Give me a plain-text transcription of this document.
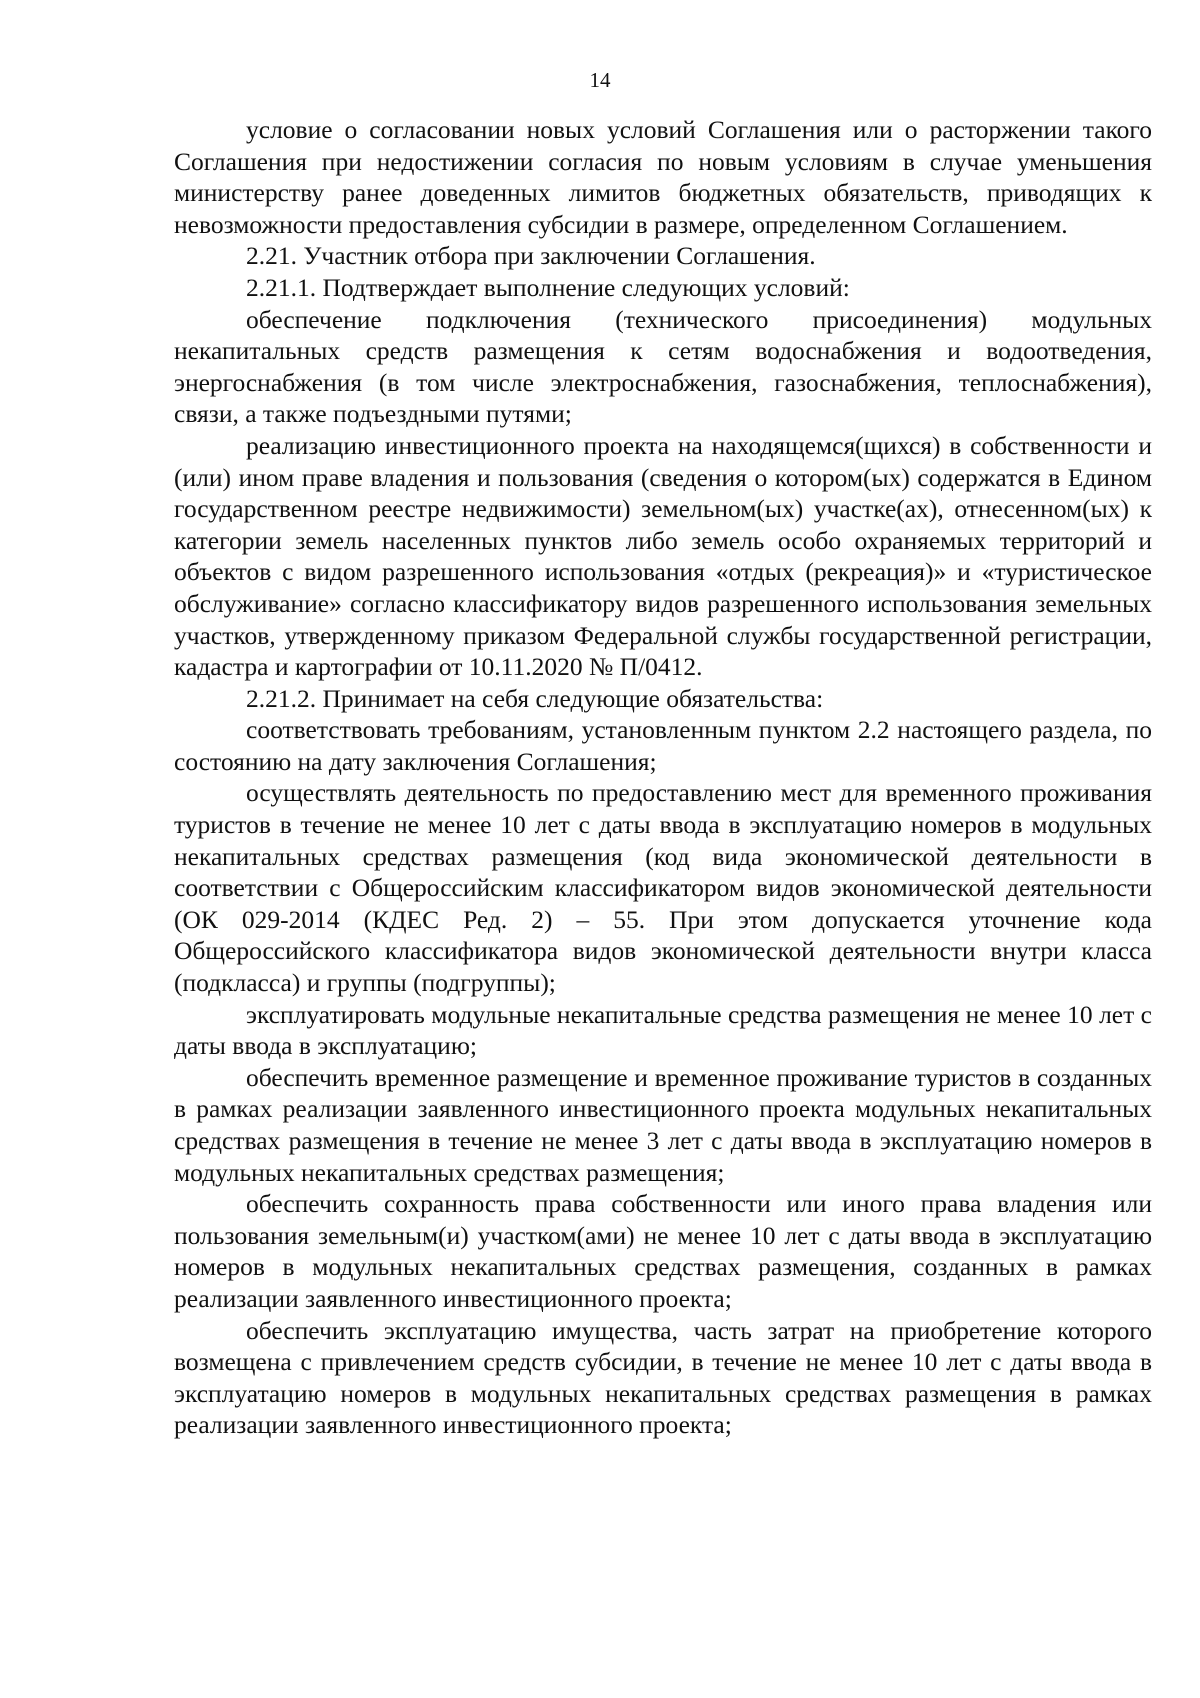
14

условие о согласовании новых условий Соглашения или о расторжении такого Соглашения при недостижении согласия по новым условиям в случае уменьшения министерству ранее доведенных лимитов бюджетных обязательств, приводящих к невозможности предоставления субсидии в размере, определенном Соглашением.

2.21. Участник отбора при заключении Соглашения.

2.21.1. Подтверждает выполнение следующих условий:

обеспечение подключения (технического присоединения) модульных некапитальных средств размещения к сетям водоснабжения и водоотведения, энергоснабжения (в том числе электроснабжения, газоснабжения, теплоснабжения), связи, а также подъездными путями;

реализацию инвестиционного проекта на находящемся(щихся) в собственности и (или) ином праве владения и пользования (сведения о котором(ых) содержатся в Едином государственном реестре недвижимости) земельном(ых) участке(ах), отнесенном(ых) к категории земель населенных пунктов либо земель особо охраняемых территорий и объектов с видом разрешенного использования «отдых (рекреация)» и «туристическое обслуживание» согласно классификатору видов разрешенного использования земельных участков, утвержденному приказом Федеральной службы государственной регистрации, кадастра и картографии от 10.11.2020 № П/0412.

2.21.2. Принимает на себя следующие обязательства:

соответствовать требованиям, установленным пунктом 2.2 настоящего раздела, по состоянию на дату заключения Соглашения;

осуществлять деятельность по предоставлению мест для временного проживания туристов в течение не менее 10 лет с даты ввода в эксплуатацию номеров в модульных некапитальных средствах размещения (код вида экономической деятельности в соответствии с Общероссийским классификатором видов экономической деятельности (ОК 029-2014 (КДЕС Ред. 2) – 55. При этом допускается уточнение кода Общероссийского классификатора видов экономической деятельности внутри класса (подкласса) и группы (подгруппы);

эксплуатировать модульные некапитальные средства размещения не менее 10 лет с даты ввода в эксплуатацию;

обеспечить временное размещение и временное проживание туристов в созданных в рамках реализации заявленного инвестиционного проекта модульных некапитальных средствах размещения в течение не менее 3 лет с даты ввода в эксплуатацию номеров в модульных некапитальных средствах размещения;

обеспечить сохранность права собственности или иного права владения или пользования земельным(и) участком(ами) не менее 10 лет с даты ввода в эксплуатацию номеров в модульных некапитальных средствах размещения, созданных в рамках реализации заявленного инвестиционного проекта;

обеспечить эксплуатацию имущества, часть затрат на приобретение которого возмещена с привлечением средств субсидии, в течение не менее 10 лет с даты ввода в эксплуатацию номеров в модульных некапитальных средствах размещения в рамках реализации заявленного инвестиционного проекта;
